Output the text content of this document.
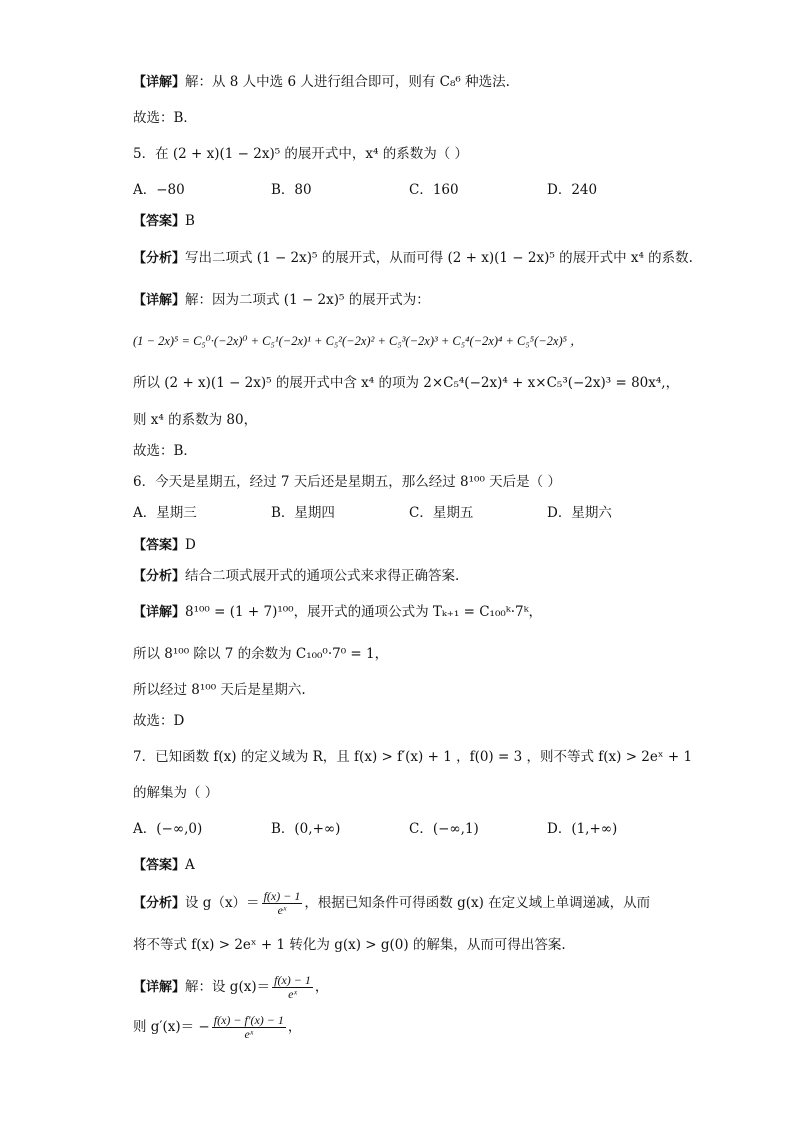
【详解】解：从 8 人中选 6 人进行组合即可，则有 C₈⁶ 种选法.
故选：B．
5．在 (2 + x)(1 − 2x)⁵ 的展开式中，x⁴ 的系数为（ ）
A．−80	B．80	C．160	D．240
【答案】B
【分析】写出二项式 (1 − 2x)⁵ 的展开式，从而可得 (2 + x)(1 − 2x)⁵ 的展开式中 x⁴ 的系数.
【详解】解：因为二项式 (1 − 2x)⁵ 的展开式为：
(1 − 2x)⁵ = C₅⁰·(−2x)⁰ + C₅¹(−2x)¹ + C₅²(−2x)² + C₅³(−2x)³ + C₅⁴(−2x)⁴ + C₅⁵(−2x)⁵ ，
所以 (2 + x)(1 − 2x)⁵ 的展开式中含 x⁴ 的项为 2×C₅⁴(−2x)⁴ + x×C₅³(−2x)³ = 80x⁴,，
则 x⁴ 的系数为 80，
故选：B．
6．今天是星期五，经过 7 天后还是星期五，那么经过 8¹⁰⁰ 天后是（ ）
A．星期三	B．星期四	C．星期五	D．星期六
【答案】D
【分析】结合二项式展开式的通项公式来求得正确答案.
【详解】8¹⁰⁰ = (1 + 7)¹⁰⁰，展开式的通项公式为 Tₖ₊₁ = C₁₀₀ᵏ·7ᵏ，
所以 8¹⁰⁰ 除以 7 的余数为 C₁₀₀⁰·7⁰ = 1，
所以经过 8¹⁰⁰ 天后是星期六.
故选：D
7．已知函数 f(x) 的定义域为 R，且 f(x) > f′(x) + 1 ，f(0) = 3 ，则不等式 f(x) > 2eˣ + 1
的解集为（ ）
A．(−∞,0)	B．(0,+∞)	C．(−∞,1)	D．(1,+∞)
【答案】A
【分析】设 $g(x)= \frac{f(x) - 1}{\text{eˣ}}$ ，根据已知条件可得函数 g(x) 在定义域上单调递减，从而
将不等式 f(x) > 2eˣ + 1 转化为 g(x) > g(0) 的解集，从而可得出答案.
【详解】解：设 $g(x)= \frac{f(x) - 1}{\text{eˣ}}$ ，
则 $g'(x)= - \frac{f(x) - f'(x) - 1}{\text{eˣ}}$ ，
